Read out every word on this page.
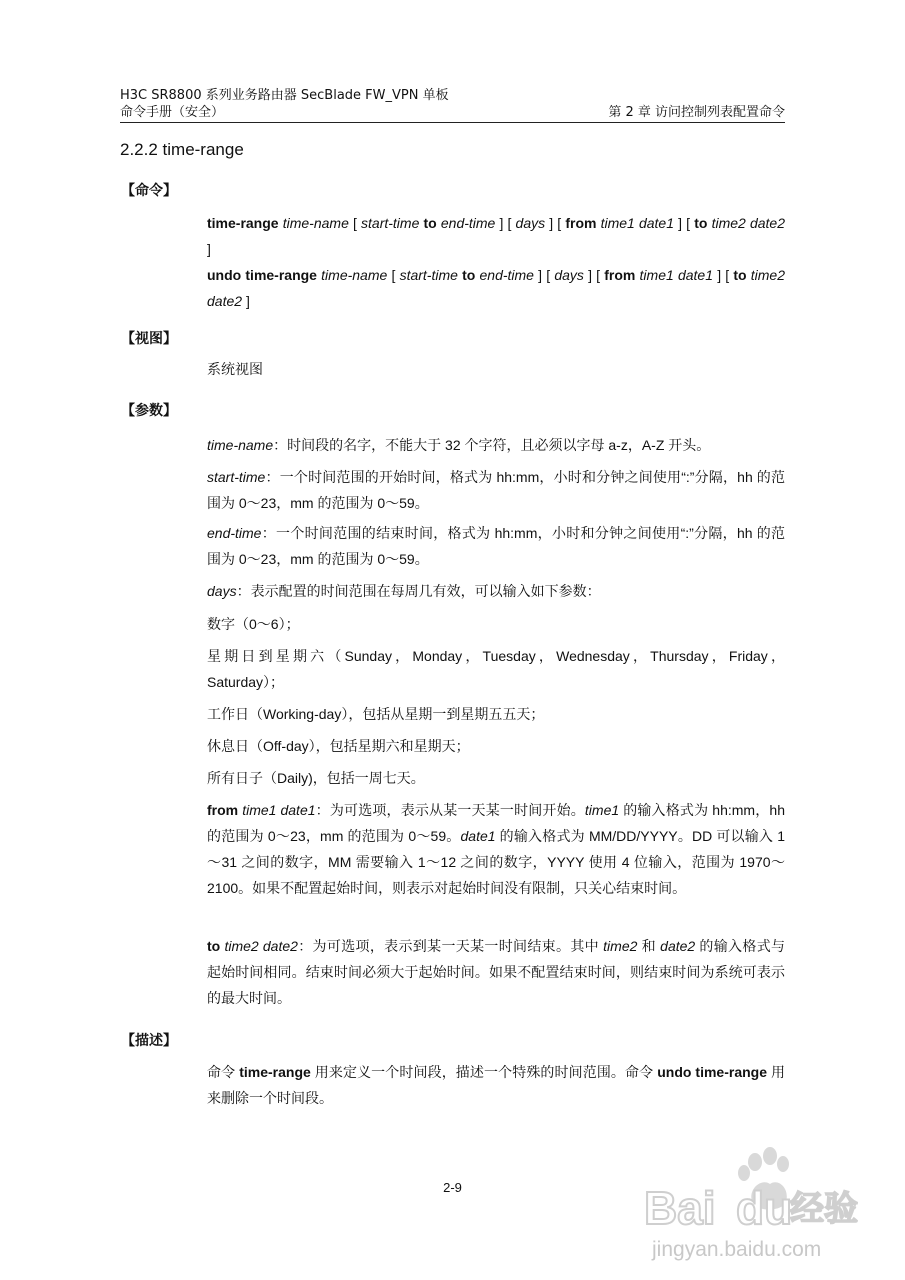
H3C SR8800 系列业务路由器 SecBlade FW_VPN 单板
命令手册（安全）	第 2 章 访问控制列表配置命令
2.2.2 time-range
【命令】

time-range time-name [ start-time to end-time ] [ days ] [ from time1 date1 ] [ to time2 date2 ]

undo time-range time-name [ start-time to end-time ] [ days ] [ from time1 date1 ] [ to time2 date2 ]

【视图】

系统视图

【参数】

time-name：时间段的名字，不能大于 32 个字符，且必须以字母 a-z，A-Z 开头。

start-time：一个时间范围的开始时间，格式为 hh:mm，小时和分钟之间使用“:”分隔，hh 的范围为 0～23，mm 的范围为 0～59。

end-time：一个时间范围的结束时间，格式为 hh:mm，小时和分钟之间使用“:”分隔，hh 的范围为 0～23，mm 的范围为 0～59。

days：表示配置的时间范围在每周几有效，可以输入如下参数：

数字（0～6）；

星期日到星期六（Sunday，Monday，Tuesday，Wednesday，Thursday，Friday，Saturday）；

工作日（Working-day），包括从星期一到星期五五天；

休息日（Off-day），包括星期六和星期天；

所有日子（Daily)，包括一周七天。

from time1 date1：为可选项，表示从某一天某一时间开始。time1 的输入格式为 hh:mm，hh 的范围为 0～23，mm 的范围为 0～59。date1 的输入格式为 MM/DD/YYYY。DD 可以输入 1～31 之间的数字，MM 需要输入 1～12 之间的数字，YYYY 使用 4 位输入，范围为 1970～2100。如果不配置起始时间，则表示对起始时间没有限制，只关心结束时间。

to time2 date2：为可选项，表示到某一天某一时间结束。其中 time2 和 date2 的输入格式与起始时间相同。结束时间必须大于起始时间。如果不配置结束时间，则结束时间为系统可表示的最大时间。

【描述】

命令 time-range 用来定义一个时间段，描述一个特殊的时间范围。命令 undo time-range 用来删除一个时间段。

2-9	Bai du
经验
jingyan.baidu.com
